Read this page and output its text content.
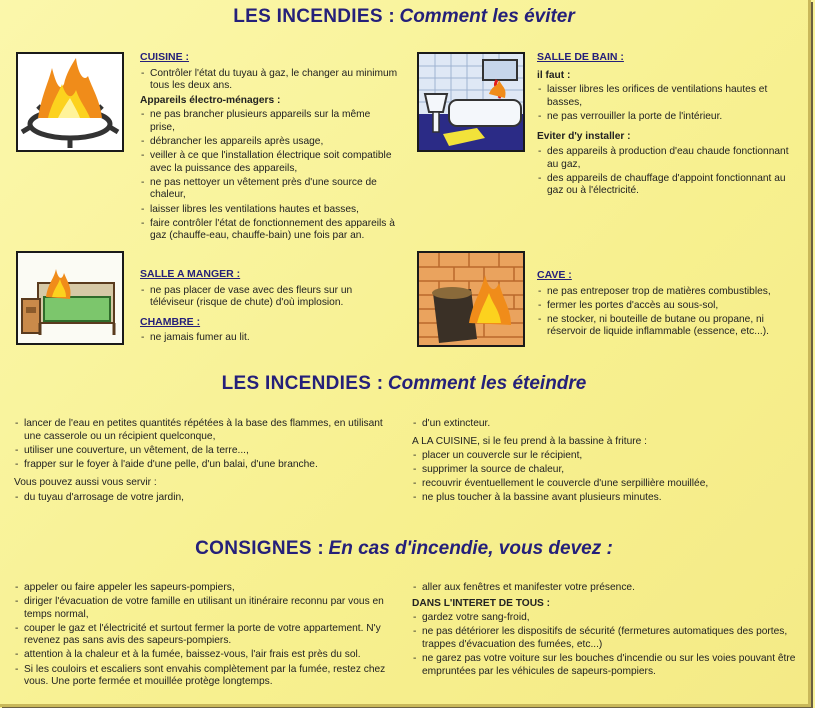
LES INCENDIES : Comment les éviter
CUISINE :
- Contrôler l'état du tuyau à gaz, le changer au minimum tous les deux ans.
Appareils électro-ménagers :
- ne pas brancher plusieurs appareils sur la même prise,
- débrancher les appareils après usage,
- veiller à ce que l'installation électrique soit compatible avec la puissance des appareils,
- ne pas nettoyer un vêtement près d'une source de chaleur,
- laisser libres les ventilations hautes et basses,
- faire contrôler l'état de fonctionnement des appareils à gaz (chauffe-eau, chauffe-bain) une fois par an.
SALLE DE BAIN :
il faut :
- laisser libres les orifices de ventilations hautes et basses,
- ne pas verrouiller la porte de l'intérieur.
Eviter d'y installer :
- des appareils à production d'eau chaude fonctionnant au gaz,
- des appareils de chauffage d'appoint fonctionnant au gaz ou à l'électricité.
SALLE A MANGER :
- ne pas placer de vase avec des fleurs sur un téléviseur (risque de chute) d'où implosion.
CHAMBRE :
- ne jamais fumer au lit.
CAVE :
- ne pas entreposer trop de matières combustibles,
- fermer les portes d'accès au sous-sol,
- ne stocker, ni bouteille de butane ou propane, ni réservoir de liquide inflammable (essence, etc...).
LES INCENDIES : Comment les éteindre
- lancer de l'eau en petites quantités répétées à la base des flammes, en utilisant une casserole ou un récipient quelconque,
- utiliser une couverture, un vêtement, de la terre...,
- frapper sur le foyer à l'aide d'une pelle, d'un balai, d'une branche.

Vous pouvez aussi vous servir :

- du tuyau d'arrosage de votre jardin,
- d'un extincteur.

A LA CUISINE, si le feu prend à la bassine à friture :

- placer un couvercle sur le récipient,
- supprimer la source de chaleur,
- recouvrir éventuellement le couvercle d'une serpillière mouillée,
- ne plus toucher à la bassine avant plusieurs minutes.
CONSIGNES : En cas d'incendie, vous devez :
- appeler ou faire appeler les sapeurs-pompiers,
- diriger l'évacuation de votre famille en utilisant un itinéraire reconnu par vous en temps normal,
- couper le gaz et l'électricité et surtout fermer la porte de votre appartement. N'y revenez pas sans avis des sapeurs-pompiers.
- attention à la chaleur et à la fumée, baissez-vous, l'air frais est près du sol.
- Si les couloirs et escaliers sont envahis complètement par la fumée, restez chez vous. Une porte fermée et mouillée protège longtemps.
- aller aux fenêtres et manifester votre présence.
DANS L'INTERET DE TOUS :
- gardez votre sang-froid,
- ne pas détériorer les dispositifs de sécurité (fermetures automatiques des portes, trappes d'évacuation des fumées, etc...)
- ne garez pas votre voiture sur les bouches d'incendie ou sur les voies pouvant être empruntées par les véhicules de sapeurs-pompiers.
